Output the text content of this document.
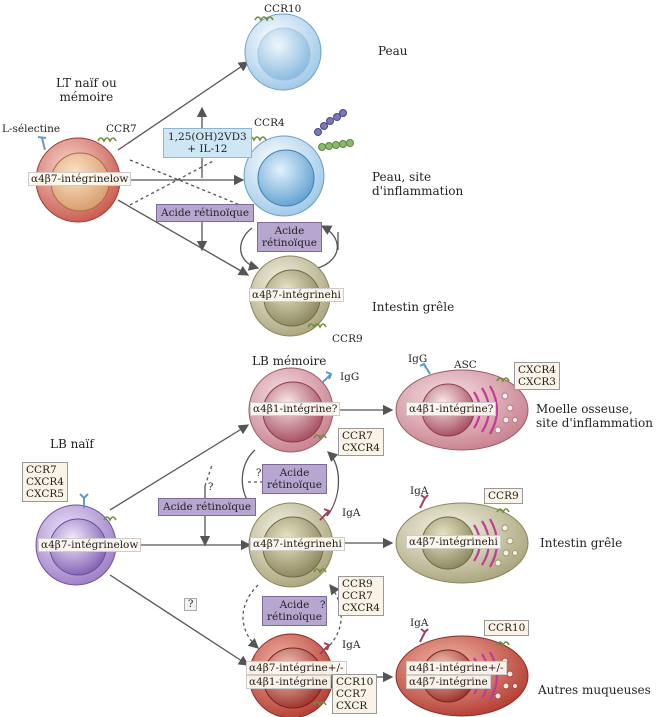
LT naïf ou
mémoire
L-sélectine	CCR7
α4β7-intégrinelow
CCR10
CCR4
1,25(OH)2VD3
+ IL-12
Acide rétinoïque
Acide
rétinoïque
α4β7-intégrinehi
CCR9
Peau
Peau, site
d'inflammation
Intestin grêle
LB naïf
CCR7
CXCR4
CXCR5
α4β7-intégrinelow
LB mémoire
IgG
α4β1-intégrine?
CCR7
CXCR4
Acide rétinoïque
Acide
rétinoïque
Acide
rétinoïque
IgA
α4β7-intégrinehi
CCR9
CCR7
CXCR4
IgA
α4β7-intégrine+/-
α4β1-intégrine CCR10
CCR7
CXCR
IgG	ASC	CXCR4
CXCR3
α4β1-intégrine?
IgA	CCR9
α4β7-intégrinehi
IgA	CCR10
α4β1-intégrine+/-
α4β7-intégrine
?
?
?	?
Moelle osseuse,
site d'inflammation
Intestin grêle
Autres muqueuses
